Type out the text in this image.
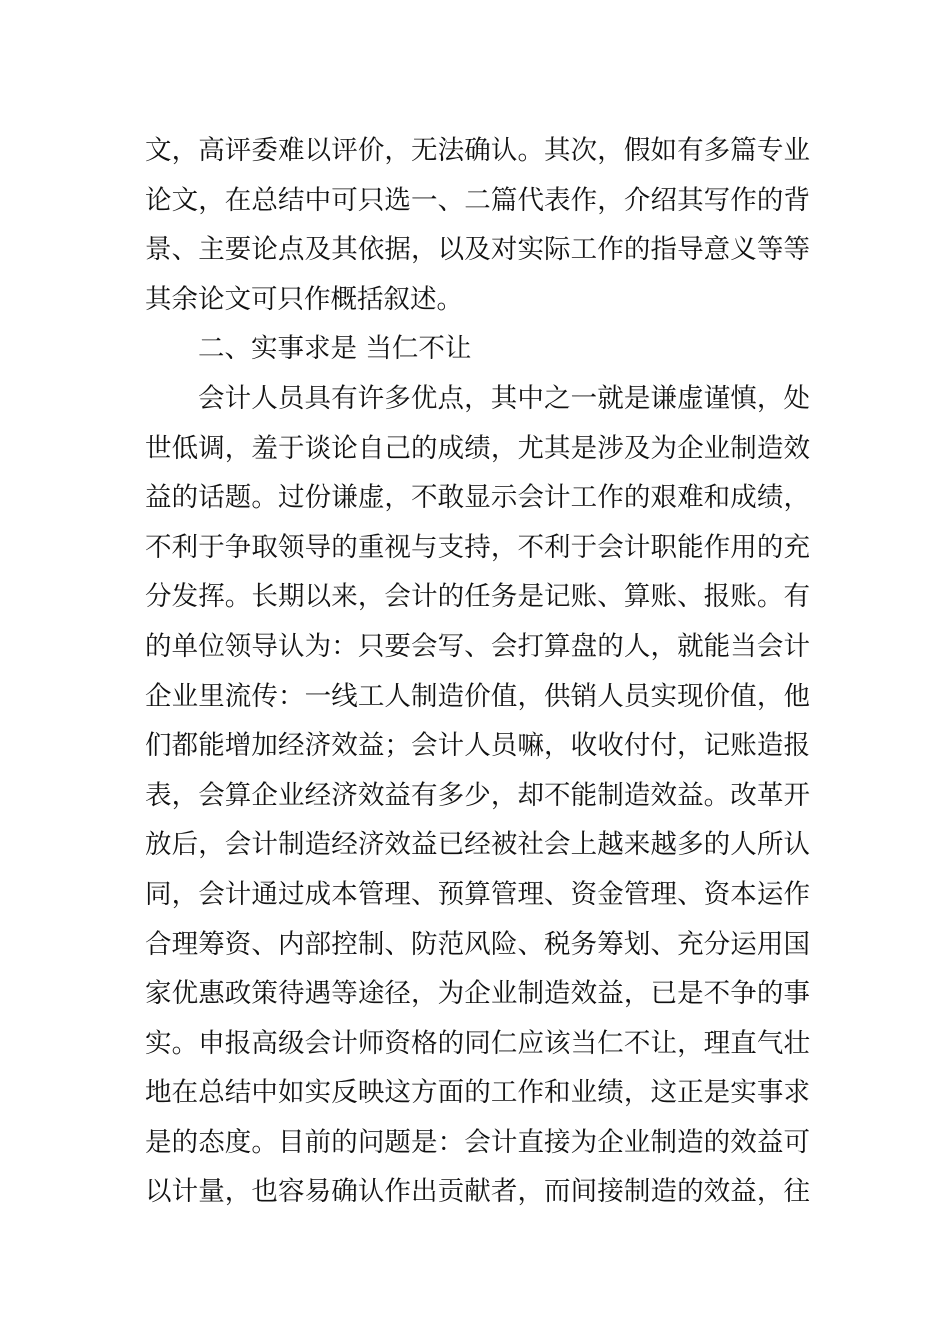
文，高评委难以评价，无法确认。其次，假如有多篇专业
论文，在总结中可只选一、二篇代表作，介绍其写作的背
景、主要论点及其依据，以及对实际工作的指导意义等等
其余论文可只作概括叙述。
二、实事求是 当仁不让
会计人员具有许多优点，其中之一就是谦虚谨慎，处
世低调，羞于谈论自己的成绩，尤其是涉及为企业制造效
益的话题。过份谦虚，不敢显示会计工作的艰难和成绩，
不利于争取领导的重视与支持，不利于会计职能作用的充
分发挥。长期以来，会计的任务是记账、算账、报账。有
的单位领导认为：只要会写、会打算盘的人，就能当会计
企业里流传：一线工人制造价值，供销人员实现价值，他
们都能增加经济效益；会计人员嘛，收收付付，记账造报
表，会算企业经济效益有多少，却不能制造效益。改革开
放后，会计制造经济效益已经被社会上越来越多的人所认
同，会计通过成本管理、预算管理、资金管理、资本运作
合理筹资、内部控制、防范风险、税务筹划、充分运用国
家优惠政策待遇等途径，为企业制造效益，已是不争的事
实。申报高级会计师资格的同仁应该当仁不让，理直气壮
地在总结中如实反映这方面的工作和业绩，这正是实事求
是的态度。目前的问题是：会计直接为企业制造的效益可
以计量，也容易确认作出贡献者，而间接制造的效益，往
